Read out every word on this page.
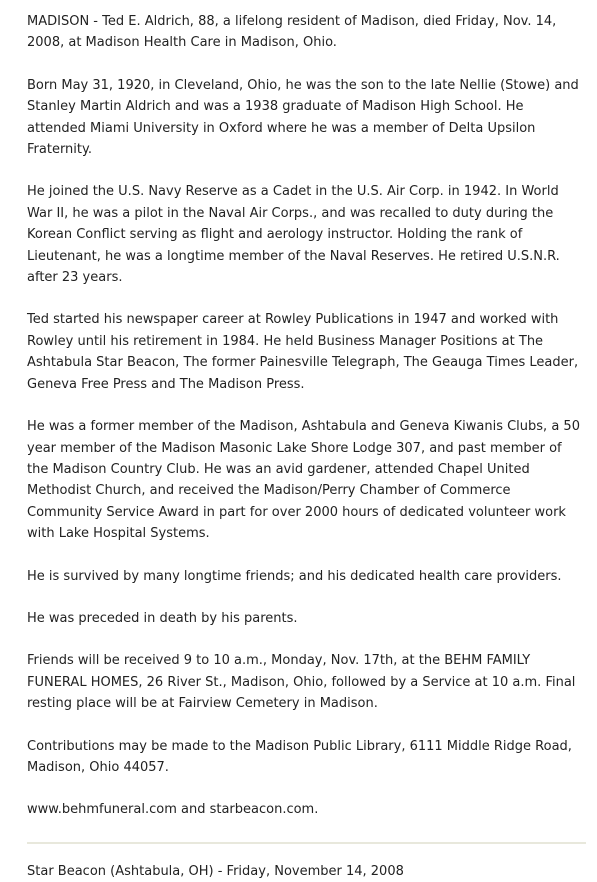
MADISON - Ted E. Aldrich, 88, a lifelong resident of Madison, died Friday, Nov. 14, 2008, at Madison Health Care in Madison, Ohio.

Born May 31, 1920, in Cleveland, Ohio, he was the son to the late Nellie (Stowe) and Stanley Martin Aldrich and was a 1938 graduate of Madison High School. He attended Miami University in Oxford where he was a member of Delta Upsilon Fraternity.

He joined the U.S. Navy Reserve as a Cadet in the U.S. Air Corp. in 1942. In World War II, he was a pilot in the Naval Air Corps., and was recalled to duty during the Korean Conflict serving as flight and aerology instructor. Holding the rank of Lieutenant, he was a longtime member of the Naval Reserves. He retired U.S.N.R. after 23 years.

Ted started his newspaper career at Rowley Publications in 1947 and worked with Rowley until his retirement in 1984. He held Business Manager Positions at The Ashtabula Star Beacon, The former Painesville Telegraph, The Geauga Times Leader, Geneva Free Press and The Madison Press.

He was a former member of the Madison, Ashtabula and Geneva Kiwanis Clubs, a 50 year member of the Madison Masonic Lake Shore Lodge 307, and past member of the Madison Country Club. He was an avid gardener, attended Chapel United Methodist Church, and received the Madison/Perry Chamber of Commerce Community Service Award in part for over 2000 hours of dedicated volunteer work with Lake Hospital Systems.

He is survived by many longtime friends; and his dedicated health care providers.

He was preceded in death by his parents.

Friends will be received 9 to 10 a.m., Monday, Nov. 17th, at the BEHM FAMILY FUNERAL HOMES, 26 River St., Madison, Ohio, followed by a Service at 10 a.m. Final resting place will be at Fairview Cemetery in Madison.

Contributions may be made to the Madison Public Library, 6111 Middle Ridge Road, Madison, Ohio 44057.

www.behmfuneral.com and starbeacon.com.

Star Beacon (Ashtabula, OH) - Friday, November 14, 2008
